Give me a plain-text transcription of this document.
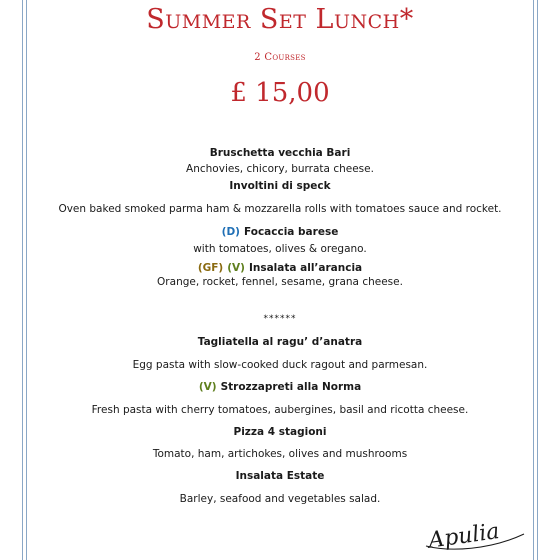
Summer Set Lunch*
2 Courses
£ 15,00
Bruschetta vecchia Bari
Anchovies, chicory, burrata cheese.
Involtini di speck
Oven baked smoked parma ham & mozzarella rolls with tomatoes sauce and rocket.
(D) Focaccia barese
with tomatoes, olives & oregano.
(GF) (V) Insalata all’arancia
Orange, rocket, fennel, sesame, grana cheese.
******
Tagliatella al ragu’ d’anatra
Egg pasta with slow-cooked duck ragout and parmesan.
(V) Strozzapreti alla Norma
Fresh pasta with cherry tomatoes, aubergines, basil and ricotta cheese.
Pizza 4 stagioni
Tomato, ham, artichokes, olives and mushrooms
Insalata Estate
Barley, seafood and vegetables salad.
Apulia
